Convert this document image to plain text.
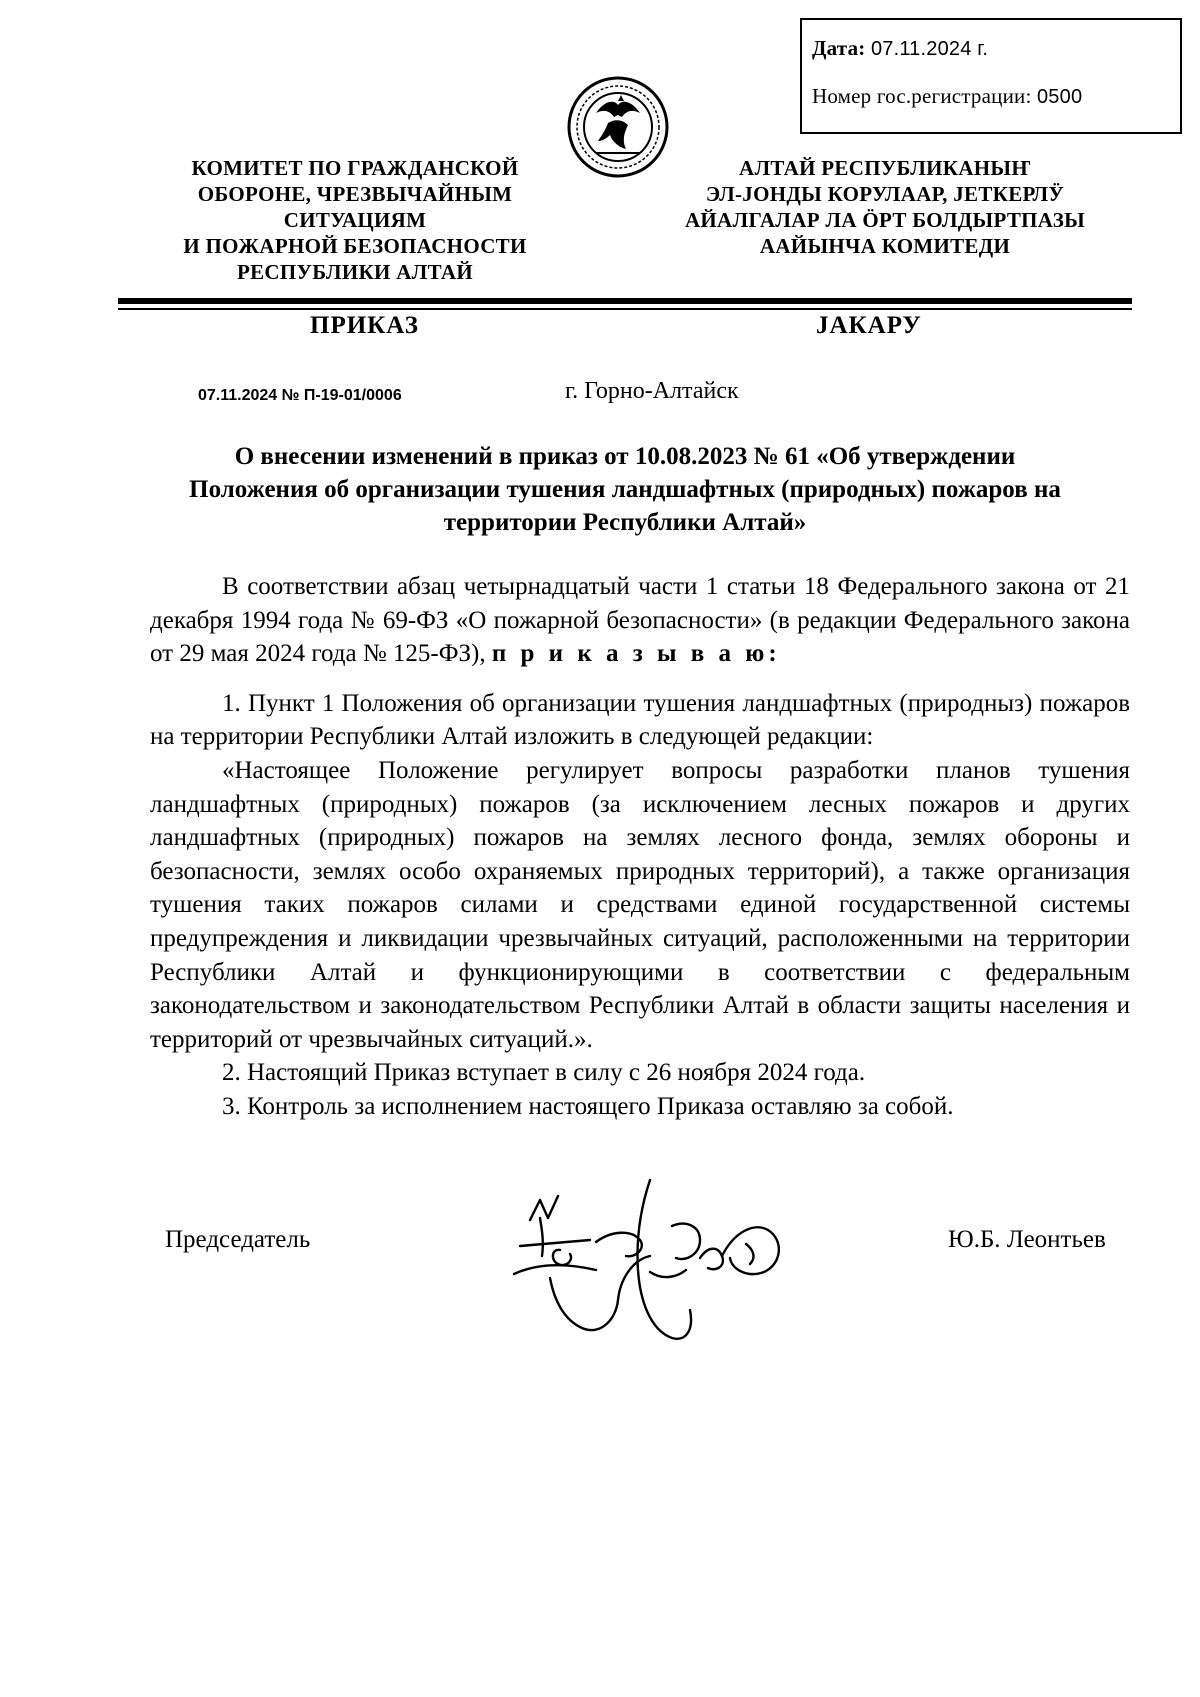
Дата: 07.11.2024 г.
Номер гос.регистрации: 0500
КОМИТЕТ ПО ГРАЖДАНСКОЙ
ОБОРОНЕ, ЧРЕЗВЫЧАЙНЫМ
СИТУАЦИЯМ
И ПОЖАРНОЙ БЕЗОПАСНОСТИ
РЕСПУБЛИКИ АЛТАЙ
АЛТАЙ РЕСПУБЛИКАНЫҤ
ЭЛ-ЈОНДЫ КОРУЛААР, ЈЕТКЕРЛӰ
АЙАЛГАЛАР ЛА ӦРТ БОЛДЫРТПАЗЫ
ААЙЫНЧА КОМИТЕДИ
ПРИКАЗ	ЈАКАРУ
07.11.2024 № П-19-01/0006	г. Горно-Алтайск
О внесении изменений в приказ от 10.08.2023 № 61 «Об утверждении
Положения об организации тушения ландшафтных (природных) пожаров на
территории Республики Алтай»

В соответствии абзац четырнадцатый части 1 статьи 18 Федерального закона от 21 декабря 1994 года № 69-ФЗ «О пожарной безопасности» (в редакции Федерального закона от 29 мая 2024 года № 125-ФЗ), п р и к а з ы в а ю:

1. Пункт 1 Положения об организации тушения ландшафтных (природныз) пожаров на территории Республики Алтай изложить в следующей редакции:

«Настоящее Положение регулирует вопросы разработки планов тушения ландшафтных (природных) пожаров (за исключением лесных пожаров и других ландшафтных (природных) пожаров на землях лесного фонда, землях обороны и безопасности, землях особо охраняемых природных территорий), а также организация тушения таких пожаров силами и средствами единой государственной системы предупреждения и ликвидации чрезвычайных ситуаций, расположенными на территории Республики Алтай и функционирующими в соответствии с федеральным законодательством и законодательством Республики Алтай в области защиты населения и территорий от чрезвычайных ситуаций.».

2. Настоящий Приказ вступает в силу с 26 ноября 2024 года.

3. Контроль за исполнением настоящего Приказа оставляю за собой.

Председатель	Ю.Б. Леонтьев
